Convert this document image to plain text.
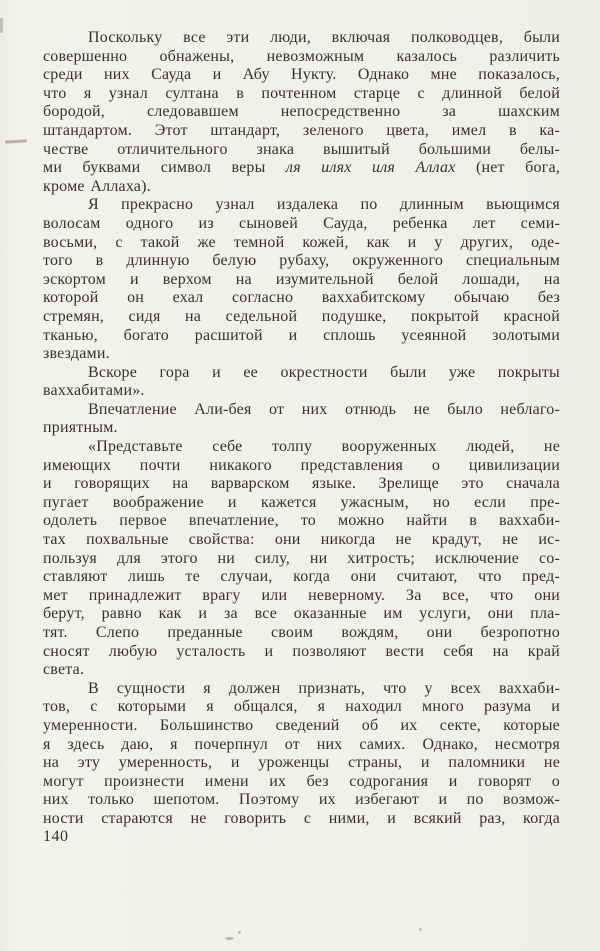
Поскольку все эти люди, включая полководцев, были
совершенно обнажены, невозможным казалось различить
среди них Сауда и Абу Нукту. Однако мне показалось,
что я узнал султана в почтенном старце с длинной белой
бородой, следовавшем непосредственно за шахским
штандартом. Этот штандарт, зеленого цвета, имел в ка-
честве отличительного знака вышитый большими белы-
ми буквами символ веры ля илях иля Аллах (нет бога,
кроме Аллаха).
Я прекрасно узнал издалека по длинным вьющимся
волосам одного из сыновей Сауда, ребенка лет семи-
восьми, с такой же темной кожей, как и у других, оде-
того в длинную белую рубаху, окруженного специальным
эскортом и верхом на изумительной белой лошади, на
которой он ехал согласно ваххабитскому обычаю без
стремян, сидя на седельной подушке, покрытой красной
тканью, богато расшитой и сплошь усеянной золотыми
звездами.
Вскоре гора и ее окрестности были уже покрыты
ваххабитами».
Впечатление Али-бея от них отнюдь не было неблаго-
приятным.
«Представьте себе толпу вооруженных людей, не
имеющих почти никакого представления о цивилизации
и говорящих на варварском языке. Зрелище это сначала
пугает воображение и кажется ужасным, но если пре-
одолеть первое впечатление, то можно найти в ваххаби-
тах похвальные свойства: они никогда не крадут, не ис-
пользуя для этого ни силу, ни хитрость; исключение со-
ставляют лишь те случаи, когда они считают, что пред-
мет принадлежит врагу или неверному. За все, что они
берут, равно как и за все оказанные им услуги, они пла-
тят. Слепо преданные своим вождям, они безропотно
сносят любую усталость и позволяют вести себя на край
света.
В сущности я должен признать, что у всех ваххаби-
тов, с которыми я общался, я находил много разума и
умеренности. Большинство сведений об их секте, которые
я здесь даю, я почерпнул от них самих. Однако, несмотря
на эту умеренность, и уроженцы страны, и паломники не
могут произнести имени их без содрогания и говорят о
них только шепотом. Поэтому их избегают и по возмож-
ности стараются не говорить с ними, и всякий раз, когда
140
